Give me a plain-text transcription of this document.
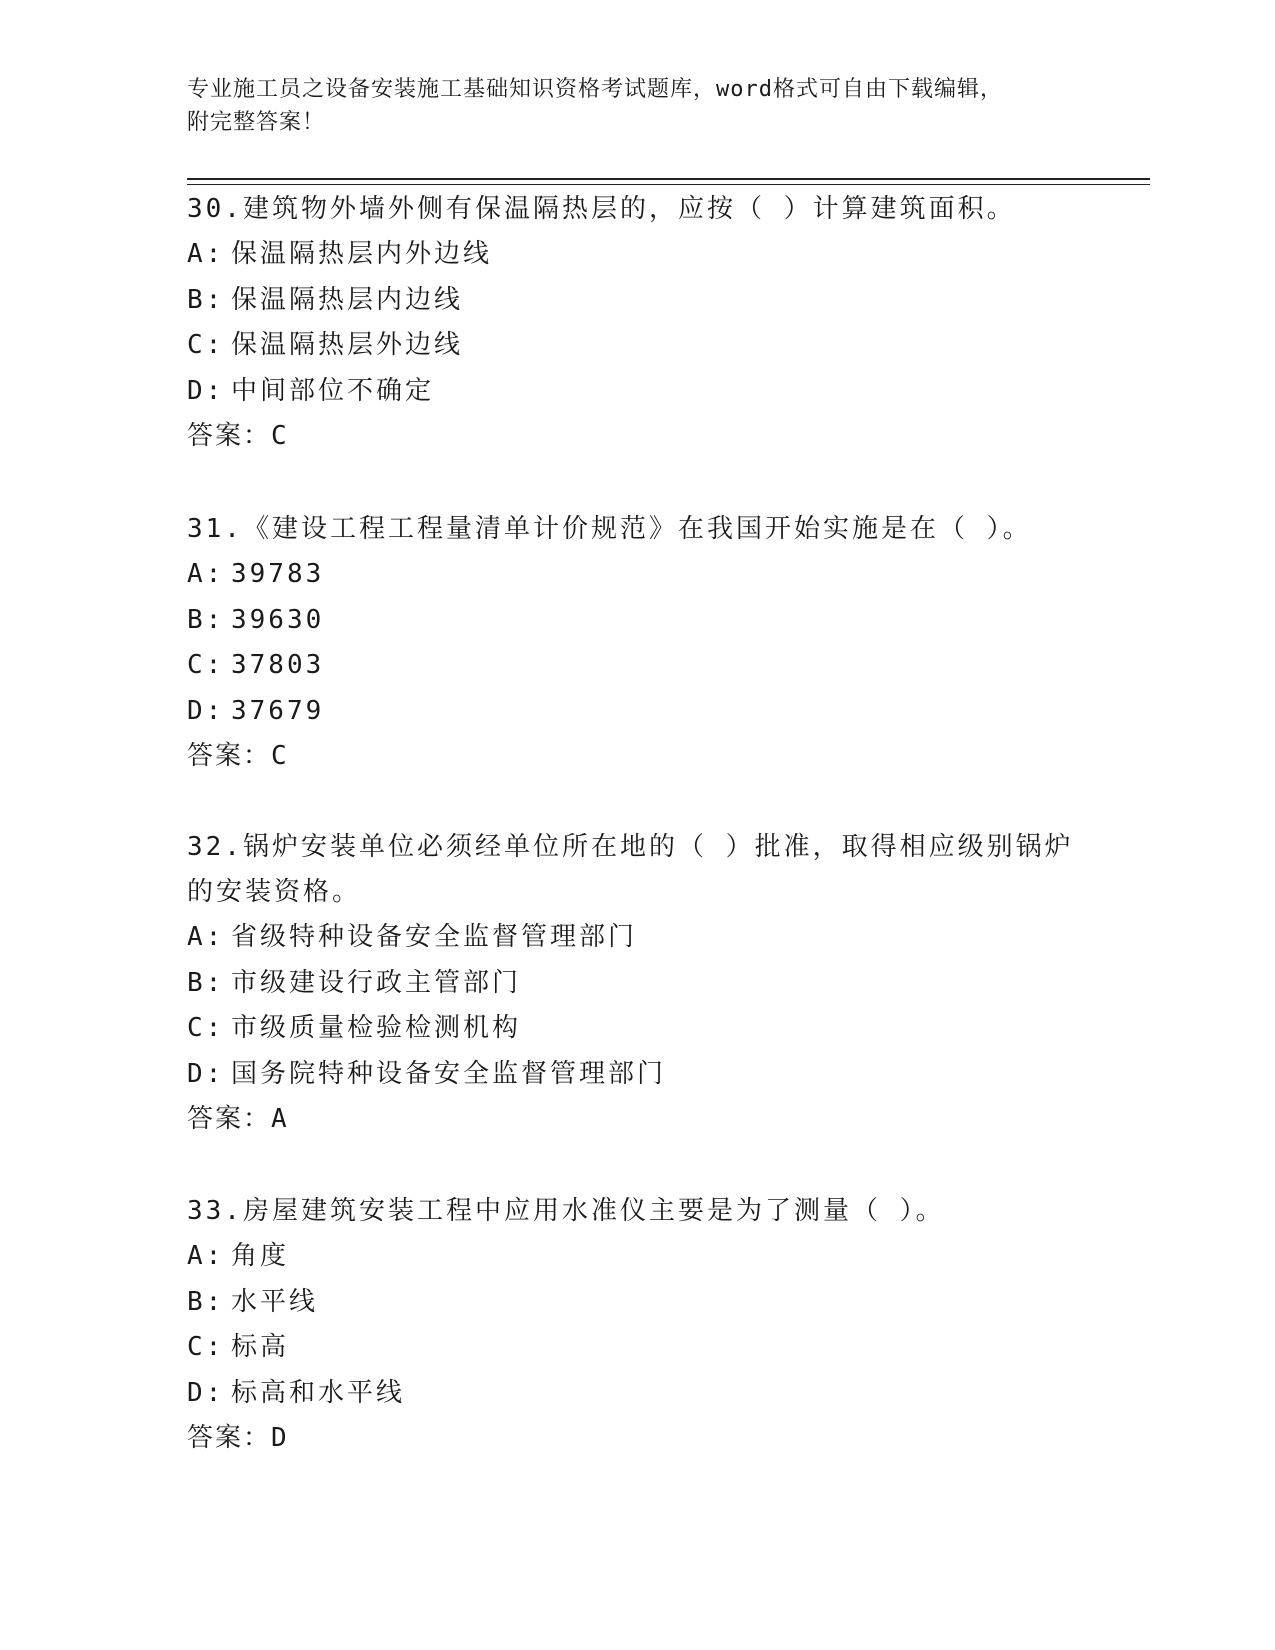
专业施工员之设备安装施工基础知识资格考试题库，word格式可自由下载编辑，
附完整答案！

30.建筑物外墙外侧有保温隔热层的，应按（ ）计算建筑面积。

A: 保温隔热层内外边线

B: 保温隔热层内边线

C: 保温隔热层外边线

D: 中间部位不确定

答案：C

31.《建设工程工程量清单计价规范》在我国开始实施是在（ ）。

A: 39783

B: 39630

C: 37803

D: 37679

答案：C

32.锅炉安装单位必须经单位所在地的（ ）批准，取得相应级别锅炉

的安装资格。

A: 省级特种设备安全监督管理部门

B: 市级建设行政主管部门

C: 市级质量检验检测机构

D: 国务院特种设备安全监督管理部门

答案：A

33.房屋建筑安装工程中应用水准仪主要是为了测量（ ）。

A: 角度

B: 水平线

C: 标高

D: 标高和水平线

答案：D
